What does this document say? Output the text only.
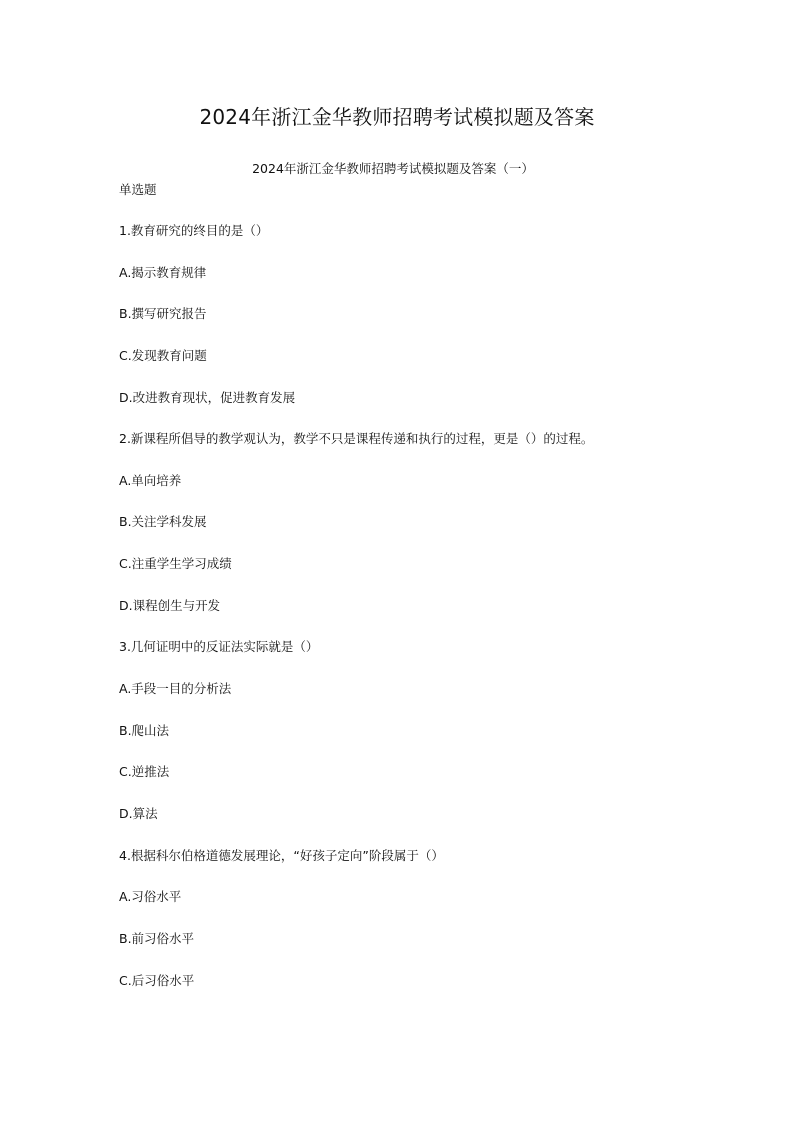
2024年浙江金华教师招聘考试模拟题及答案
2024年浙江金华教师招聘考试模拟题及答案（一）
单选题
1.教育研究的终目的是（）
A.揭示教育规律
B.撰写研究报告
C.发现教育问题
D.改进教育现状，促进教育发展
2.新课程所倡导的教学观认为，教学不只是课程传递和执行的过程，更是（）的过程。
A.单向培养
B.关注学科发展
C.注重学生学习成绩
D.课程创生与开发
3.几何证明中的反证法实际就是（）
A.手段一目的分析法
B.爬山法
C.逆推法
D.算法
4.根据科尔伯格道德发展理论，“好孩子定向”阶段属于（）
A.习俗水平
B.前习俗水平
C.后习俗水平
